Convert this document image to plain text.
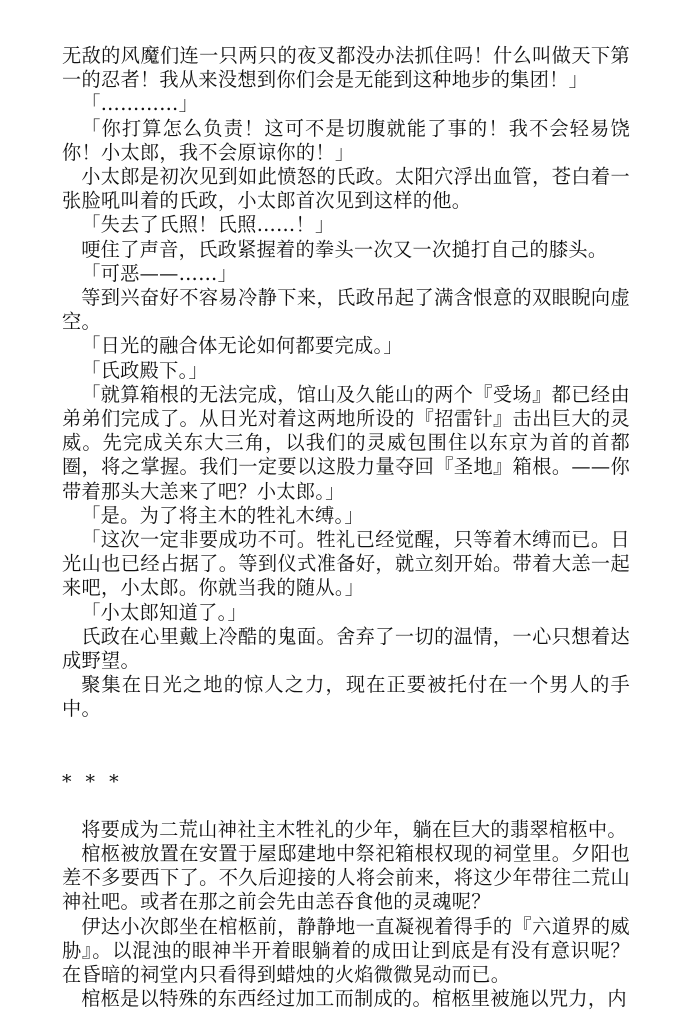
无敌的风魔们连一只两只的夜叉都没办法抓住吗！什么叫做天下第一的忍者！我从来没想到你们会是无能到这种地步的集团！」

「…………」

「你打算怎么负责！这可不是切腹就能了事的！我不会轻易饶你！小太郎，我不会原谅你的！」

小太郎是初次见到如此愤怒的氏政。太阳穴浮出血管，苍白着一张脸吼叫着的氏政，小太郎首次见到这样的他。

「失去了氏照！氏照……！」

哽住了声音，氏政紧握着的拳头一次又一次搥打自己的膝头。

「可恶——……」

等到兴奋好不容易冷静下来，氏政吊起了满含恨意的双眼睨向虚空。

「日光的融合体无论如何都要完成。」

「氏政殿下。」

「就算箱根的无法完成，馆山及久能山的两个『受场』都已经由弟弟们完成了。从日光对着这两地所设的『招雷针』击出巨大的灵威。先完成关东大三角，以我们的灵威包围住以东京为首的首都圈，将之掌握。我们一定要以这股力量夺回『圣地』箱根。——你带着那头大恙来了吧？小太郎。」

「是。为了将主木的牲礼木缚。」

「这次一定非要成功不可。牲礼已经觉醒，只等着木缚而已。日光山也已经占据了。等到仪式准备好，就立刻开始。带着大恙一起来吧，小太郎。你就当我的随从。」

「小太郎知道了。」

氏政在心里戴上冷酷的鬼面。舍弃了一切的温情，一心只想着达成野望。

聚集在日光之地的惊人之力，现在正要被托付在一个男人的手中。

* * *

将要成为二荒山神社主木牲礼的少年，躺在巨大的翡翠棺柩中。

棺柩被放置在安置于屋邸建地中祭祀箱根权现的祠堂里。夕阳也差不多要西下了。不久后迎接的人将会前来，将这少年带往二荒山神社吧。或者在那之前会先由恙吞食他的灵魂呢？

伊达小次郎坐在棺柩前，静静地一直凝视着得手的『六道界的威胁』。以混浊的眼神半开着眼躺着的成田让到底是有没有意识呢？在昏暗的祠堂内只看得到蜡烛的火焰微微晃动而已。

棺柩是以特殊的东西经过加工而制成的。棺柩里被施以咒力，内
